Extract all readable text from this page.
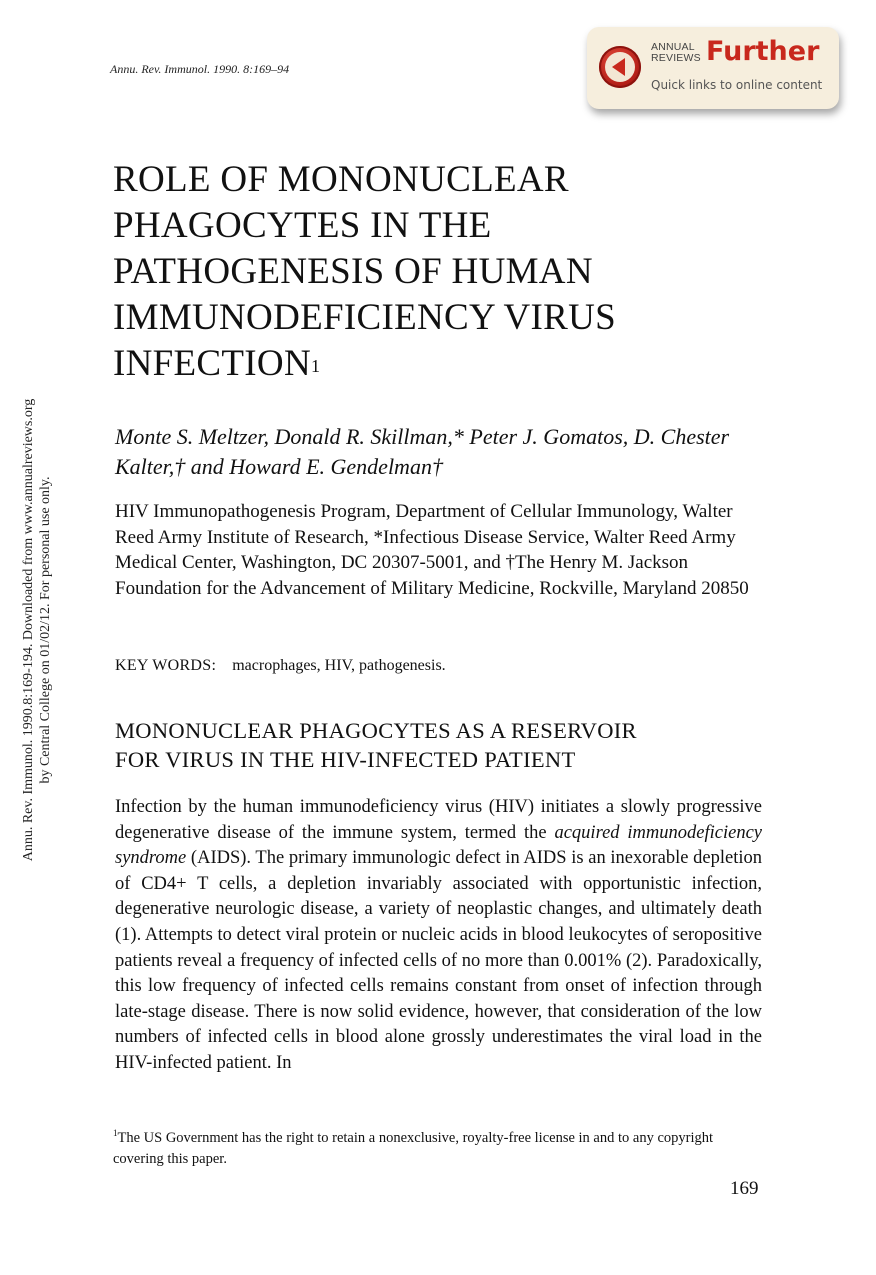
Annu. Rev. Immunol. 1990. 8:169–94
ANNUAL
REVIEWS Further
Quick links to online content
ROLE OF MONONUCLEAR
PHAGOCYTES IN THE
PATHOGENESIS OF HUMAN
IMMUNODEFICIENCY VIRUS
INFECTION$^1$
Monte S. Meltzer, Donald R. Skillman,* Peter J. Gomatos, D. Chester Kalter,† and Howard E. Gendelman†
HIV Immunopathogenesis Program, Department of Cellular Immunology, Walter Reed Army Institute of Research, *Infectious Disease Service, Walter Reed Army Medical Center, Washington, DC 20307-5001, and †The Henry M. Jackson Foundation for the Advancement of Military Medicine, Rockville, Maryland 20850
KEY WORDS: macrophages, HIV, pathogenesis.
MONONUCLEAR PHAGOCYTES AS A RESERVOIR
FOR VIRUS IN THE HIV-INFECTED PATIENT

Infection by the human immunodeficiency virus (HIV) initiates a slowly progressive degenerative disease of the immune system, termed the acquired immunodeficiency syndrome (AIDS). The primary immunologic defect in AIDS is an inexorable depletion of CD4+ T cells, a depletion invariably associated with opportunistic infection, degenerative neurologic disease, a variety of neoplastic changes, and ultimately death (1). Attempts to detect viral protein or nucleic acids in blood leukocytes of seropositive patients reveal a frequency of infected cells of no more than 0.001% (2). Paradoxically, this low frequency of infected cells remains constant from onset of infection through late-stage disease. There is now solid evidence, however, that consideration of the low numbers of infected cells in blood alone grossly underestimates the viral load in the HIV-infected patient. In

$^1$The US Government has the right to retain a nonexclusive, royalty-free license in and to any copyright covering this paper.
169
Annu. Rev. Immunol. 1990.8:169-194. Downloaded from www.annualreviews.org by Central College on 01/02/12. For personal use only.
